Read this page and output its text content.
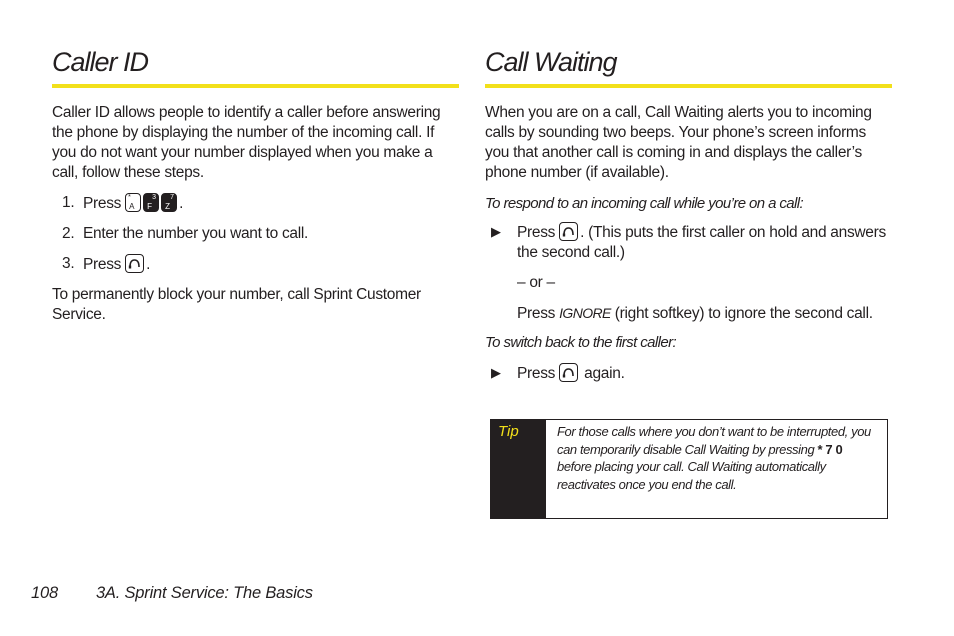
Caller ID

Caller ID allows people to identify a caller before answering the phone by displaying the number of the incoming call. If you do not want your number displayed when you make a call, follow these steps.

1. Press *
A
3
F
7
Z .
2. Enter the number you want to call.
3. Press .

To permanently block your number, call Sprint Customer Service.

Call Waiting

When you are on a call, Call Waiting alerts you to incoming calls by sounding two beeps. Your phone’s screen informs you that another call is coming in and displays the caller’s phone number (if available).

To respond to an incoming call while you’re on a call:

▶ Press . (This puts the first caller on hold and answers the second call.)
– or –
Press IGNORE (right softkey) to ignore the second call.

To switch back to the first caller:

▶ Press again.
Tip	For those calls where you don’t want to be interrupted, you can temporarily disable Call Waiting by pressing * 7 0 before placing your call. Call Waiting automatically reactivates once you end the call.
108 3A. Sprint Service: The Basics
